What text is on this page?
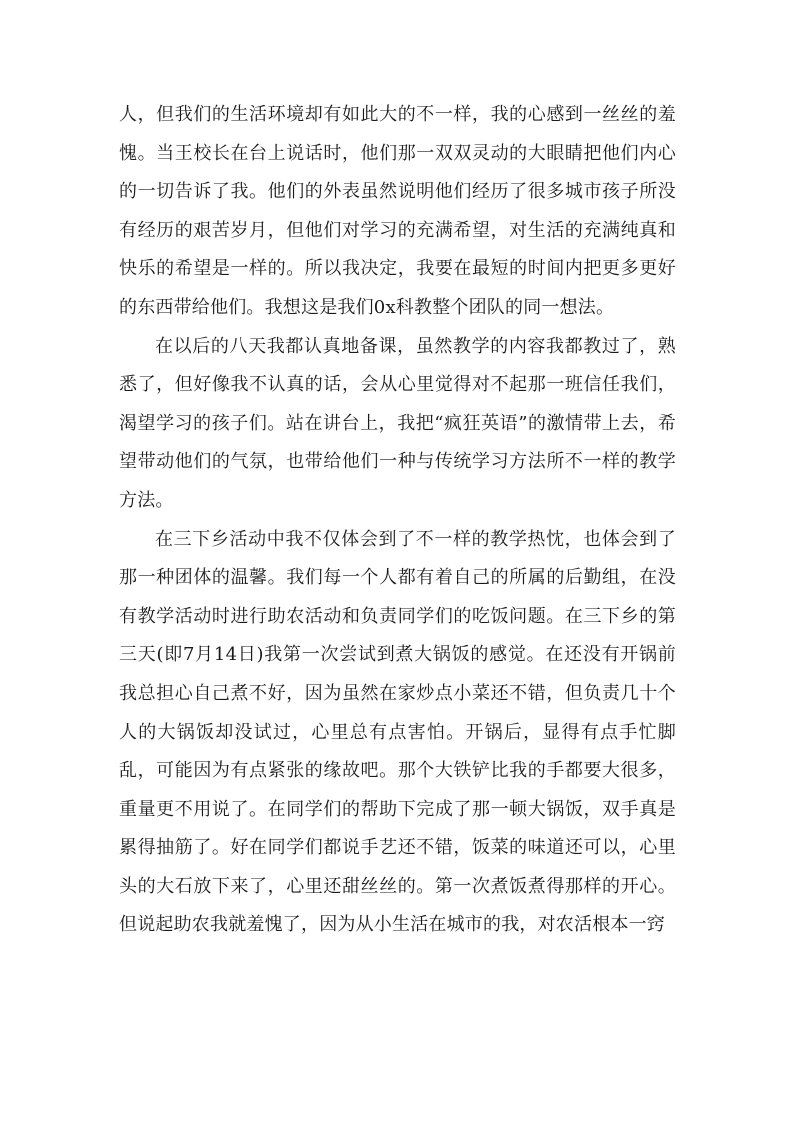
人，但我们的生活环境却有如此大的不一样，我的心感到一丝丝的羞愧。当王校长在台上说话时，他们那一双双灵动的大眼睛把他们内心的一切告诉了我。他们的外表虽然说明他们经历了很多城市孩子所没有经历的艰苦岁月，但他们对学习的充满希望，对生活的充满纯真和快乐的希望是一样的。所以我决定，我要在最短的时间内把更多更好的东西带给他们。我想这是我们0x科教整个团队的同一想法。

在以后的八天我都认真地备课，虽然教学的内容我都教过了，熟悉了，但好像我不认真的话，会从心里觉得对不起那一班信任我们，渴望学习的孩子们。站在讲台上，我把“疯狂英语”的激情带上去，希望带动他们的气氛，也带给他们一种与传统学习方法所不一样的教学方法。

在三下乡活动中我不仅体会到了不一样的教学热忱，也体会到了那一种团体的温馨。我们每一个人都有着自己的所属的后勤组，在没有教学活动时进行助农活动和负责同学们的吃饭问题。在三下乡的第三天(即7月14日)我第一次尝试到煮大锅饭的感觉。在还没有开锅前我总担心自己煮不好，因为虽然在家炒点小菜还不错，但负责几十个人的大锅饭却没试过，心里总有点害怕。开锅后，显得有点手忙脚乱，可能因为有点紧张的缘故吧。那个大铁铲比我的手都要大很多，重量更不用说了。在同学们的帮助下完成了那一顿大锅饭，双手真是累得抽筋了。好在同学们都说手艺还不错，饭菜的味道还可以，心里头的大石放下来了，心里还甜丝丝的。第一次煮饭煮得那样的开心。但说起助农我就羞愧了，因为从小生活在城市的我，对农活根本一窍
